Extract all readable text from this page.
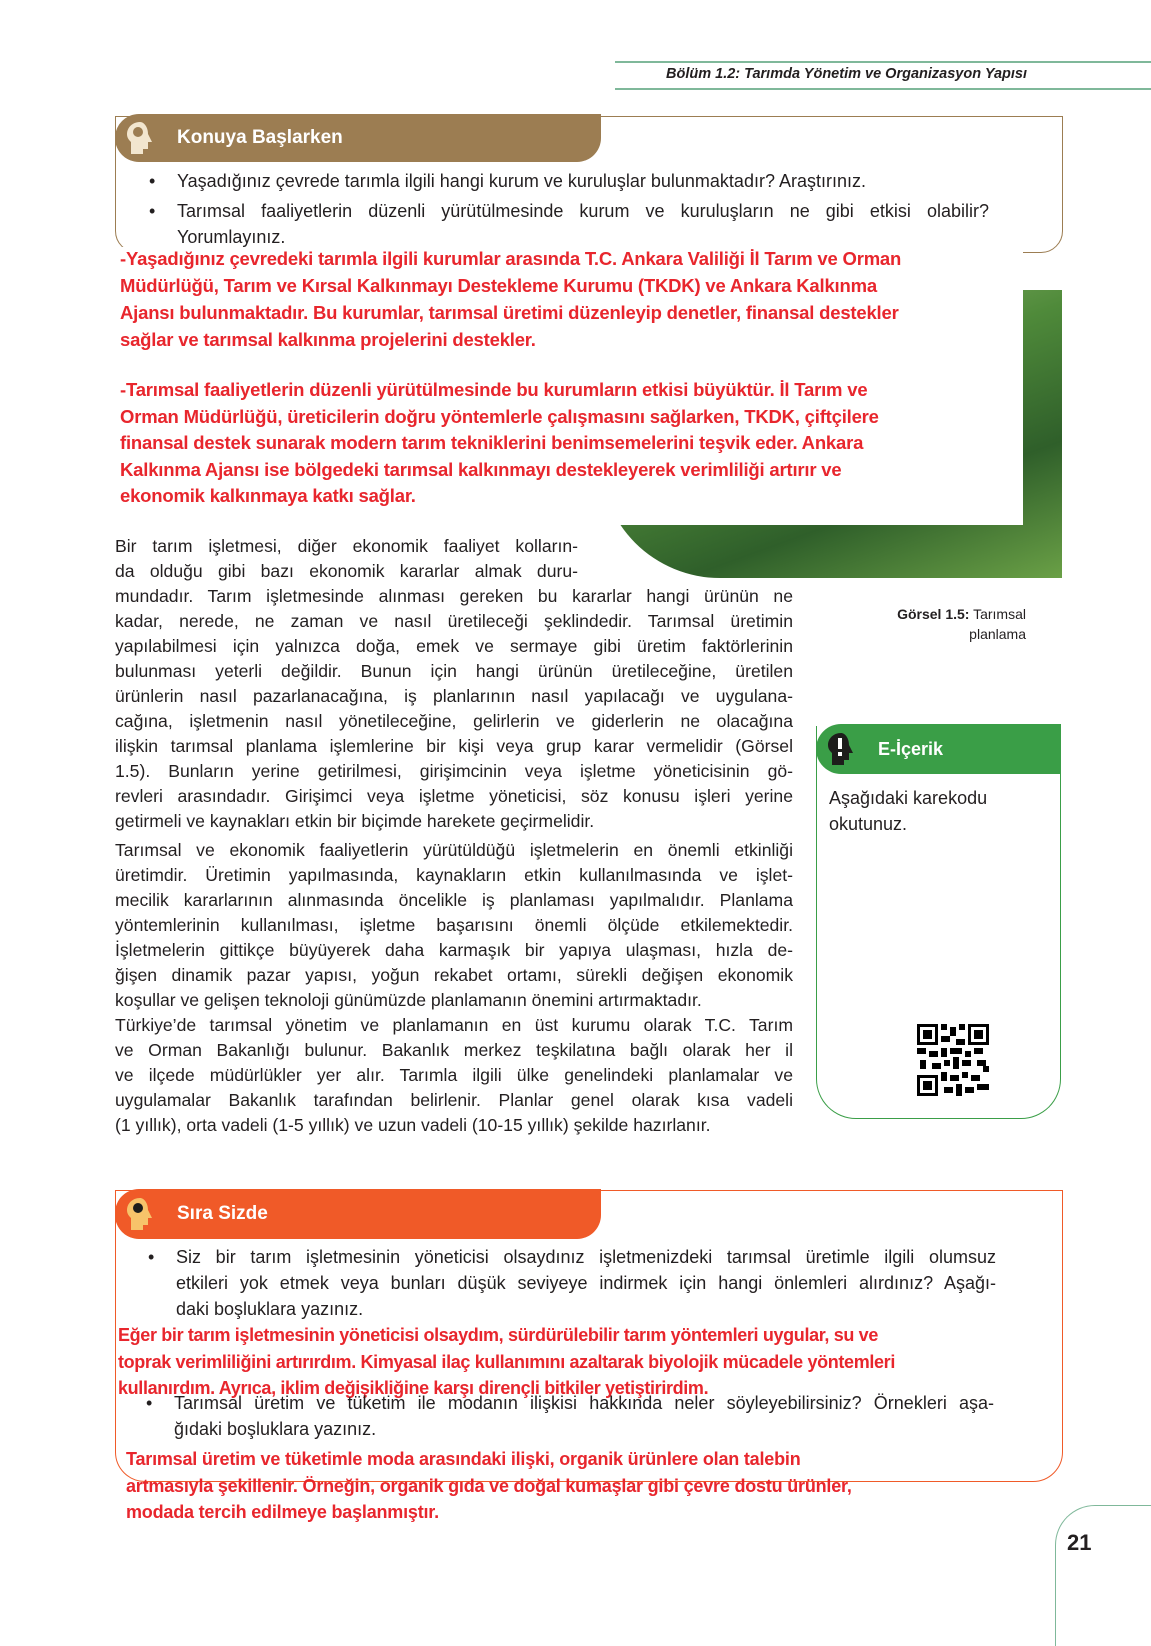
Bölüm 1.2: Tarımda Yönetim ve Organizasyon Yapısı
Konuya Başlarken
• Yaşadığınız çevrede tarımla ilgili hangi kurum ve kuruluşlar bulunmaktadır? Araştırınız.
• Tarımsal faaliyetlerin düzenli yürütülmesinde kurum ve kuruluşların ne gibi etkisi olabilir?
Yorumlayınız.
-Yaşadığınız çevredeki tarımla ilgili kurumlar arasında T.C. Ankara Valiliği İl Tarım ve Orman
Müdürlüğü, Tarım ve Kırsal Kalkınmayı Destekleme Kurumu (TKDK) ve Ankara Kalkınma
Ajansı bulunmaktadır. Bu kurumlar, tarımsal üretimi düzenleyip denetler, finansal destekler
sağlar ve tarımsal kalkınma projelerini destekler.
-Tarımsal faaliyetlerin düzenli yürütülmesinde bu kurumların etkisi büyüktür. İl Tarım ve
Orman Müdürlüğü, üreticilerin doğru yöntemlerle çalışmasını sağlarken, TKDK, çiftçilere
finansal destek sunarak modern tarım tekniklerini benimsemelerini teşvik eder. Ankara
Kalkınma Ajansı ise bölgedeki tarımsal kalkınmayı destekleyerek verimliliği artırır ve
ekonomik kalkınmaya katkı sağlar.
Bir tarım işletmesi, diğer ekonomik faaliyet kolların-
da olduğu gibi bazı ekonomik kararlar almak duru-
mundadır. Tarım işletmesinde alınması gereken bu kararlar hangi ürünün ne
kadar, nerede, ne zaman ve nasıl üretileceği şeklindedir. Tarımsal üretimin
yapılabilmesi için yalnızca doğa, emek ve sermaye gibi üretim faktörlerinin
bulunması yeterli değildir. Bunun için hangi ürünün üretileceğine, üretilen
ürünlerin nasıl pazarlanacağına, iş planlarının nasıl yapılacağı ve uygulana-
cağına, işletmenin nasıl yönetileceğine, gelirlerin ve giderlerin ne olacağına
ilişkin tarımsal planlama işlemlerine bir kişi veya grup karar vermelidir (Görsel
1.5). Bunların yerine getirilmesi, girişimcinin veya işletme yöneticisinin gö-
revleri arasındadır. Girişimci veya işletme yöneticisi, söz konusu işleri yerine
getirmeli ve kaynakları etkin bir biçimde harekete geçirmelidir.
Tarımsal ve ekonomik faaliyetlerin yürütüldüğü işletmelerin en önemli etkinliği
üretimdir. Üretimin yapılmasında, kaynakların etkin kullanılmasında ve işlet-
mecilik kararlarının alınmasında öncelikle iş planlaması yapılmalıdır. Planlama
yöntemlerinin kullanılması, işletme başarısını önemli ölçüde etkilemektedir.
İşletmelerin gittikçe büyüyerek daha karmaşık bir yapıya ulaşması, hızla de-
ğişen dinamik pazar yapısı, yoğun rekabet ortamı, sürekli değişen ekonomik
koşullar ve gelişen teknoloji günümüzde planlamanın önemini artırmaktadır.
Türkiye’de tarımsal yönetim ve planlamanın en üst kurumu olarak T.C. Tarım
ve Orman Bakanlığı bulunur. Bakanlık merkez teşkilatına bağlı olarak her il
ve ilçede müdürlükler yer alır. Tarımla ilgili ülke genelindeki planlamalar ve
uygulamalar Bakanlık tarafından belirlenir. Planlar genel olarak kısa vadeli
(1 yıllık), orta vadeli (1-5 yıllık) ve uzun vadeli (10-15 yıllık) şekilde hazırlanır.
Görsel 1.5: Tarımsal
planlama
E-İçerik
Aşağıdaki karekodu
okutunuz.
Sıra Sizde
• Siz bir tarım işletmesinin yöneticisi olsaydınız işletmenizdeki tarımsal üretimle ilgili olumsuz
etkileri yok etmek veya bunları düşük seviyeye indirmek için hangi önlemleri alırdınız? Aşağı-
daki boşluklara yazınız.
Eğer bir tarım işletmesinin yöneticisi olsaydım, sürdürülebilir tarım yöntemleri uygular, su ve
toprak verimliliğini artırırdım. Kimyasal ilaç kullanımını azaltarak biyolojik mücadele yöntemleri
kullanırdım. Ayrıca, iklim değişikliğine karşı dirençli bitkiler yetiştirirdim.
• Tarımsal üretim ve tüketim ile modanın ilişkisi hakkında neler söyleyebilirsiniz? Örnekleri aşa-
ğıdaki boşluklara yazınız.
Tarımsal üretim ve tüketimle moda arasındaki ilişki, organik ürünlere olan talebin
artmasıyla şekillenir. Örneğin, organik gıda ve doğal kumaşlar gibi çevre dostu ürünler,
modada tercih edilmeye başlanmıştır.
21
